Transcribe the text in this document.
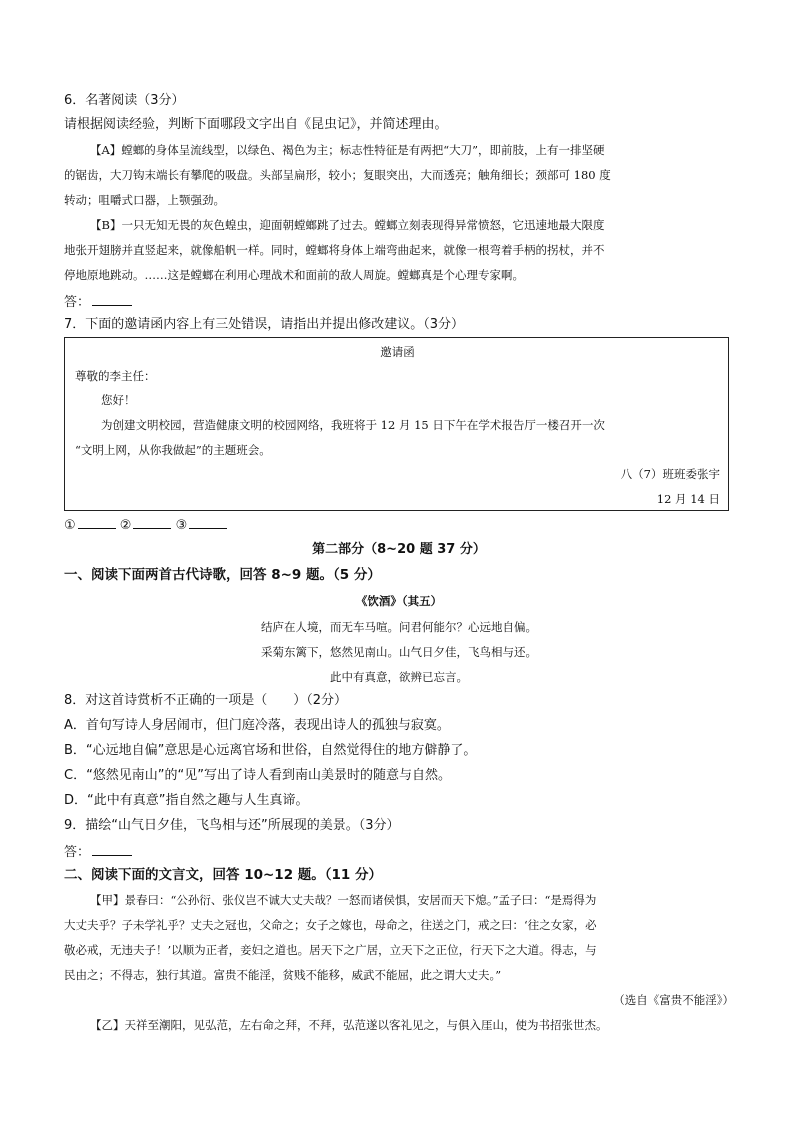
6．名著阅读（3分）
请根据阅读经验，判断下面哪段文字出自《昆虫记》，并简述理由。
【A】螳螂的身体呈流线型，以绿色、褐色为主；标志性特征是有两把“大刀”，即前肢，上有一排坚硬
的锯齿，大刀钩末端长有攀爬的吸盘。头部呈扁形，较小；复眼突出，大而透亮；触角细长；颈部可 180 度
转动；咀嚼式口器，上颚强劲。
【B】一只无知无畏的灰色蝗虫，迎面朝螳螂跳了过去。螳螂立刻表现得异常愤怒，它迅速地最大限度
地张开翅膀并直竖起来，就像船帆一样。同时，螳螂将身体上端弯曲起来，就像一根弯着手柄的拐杖，并不
停地原地跳动。……这是螳螂在利用心理战术和面前的敌人周旋。螳螂真是个心理专家啊。
答：
7．下面的邀请函内容上有三处错误，请指出并提出修改建议。（3分）
邀请函
尊敬的李主任：
您好！
为创建文明校园，营造健康文明的校园网络，我班将于 12 月 15 日下午在学术报告厅一楼召开一次
“文明上网，从你我做起”的主题班会。
八（7）班班委张宇
12 月 14 日
①	②	③
第二部分（8~20 题 37 分）
一、阅读下面两首古代诗歌，回答 8~9 题。（5 分）
《饮酒》（其五）
结庐在人境，而无车马喧。问君何能尔？心远地自偏。
采菊东篱下，悠然见南山。山气日夕佳，飞鸟相与还。
此中有真意，欲辨已忘言。
8．对这首诗赏析不正确的一项是（　　）（2分）
A．首句写诗人身居闹市，但门庭冷落，表现出诗人的孤独与寂寞。
B．“心远地自偏”意思是心远离官场和世俗，自然觉得住的地方僻静了。
C．“悠然见南山”的“见”写出了诗人看到南山美景时的随意与自然。
D．“此中有真意”指自然之趣与人生真谛。
9．描绘“山气日夕佳，飞鸟相与还”所展现的美景。（3分）
答：
二、阅读下面的文言文，回答 10~12 题。（11 分）
【甲】景春曰：“公孙衍、张仪岂不诚大丈夫哉？一怒而诸侯惧，安居而天下熄。”孟子曰：“是焉得为
大丈夫乎？子未学礼乎？丈夫之冠也，父命之；女子之嫁也，母命之，往送之门，戒之曰：‘往之女家，必
敬必戒，无违夫子！’以顺为正者，妾妇之道也。居天下之广居，立天下之正位，行天下之大道。得志，与
民由之；不得志，独行其道。富贵不能淫，贫贱不能移，威武不能屈，此之谓大丈夫。”
（选自《富贵不能淫》）
【乙】天祥至潮阳，见弘范，左右命之拜，不拜，弘范遂以客礼见之，与俱入厓山，使为书招张世杰。
